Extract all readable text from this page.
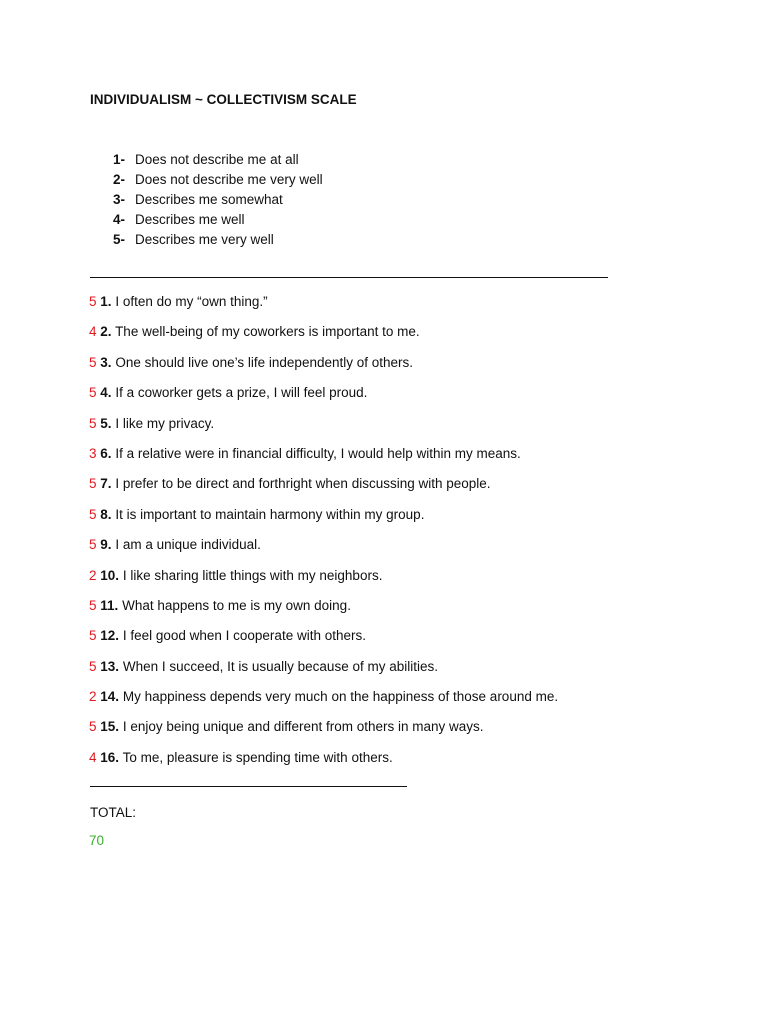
INDIVIDUALISM ~ COLLECTIVISM SCALE
1- Does not describe me at all
2- Does not describe me very well
3- Describes me somewhat
4- Describes me well
5- Describes me very well
5 1. I often do my “own thing.”
4 2. The well-being of my coworkers is important to me.
5 3. One should live one’s life independently of others.
5 4. If a coworker gets a prize, I will feel proud.
5 5. I like my privacy.
3 6. If a relative were in financial difficulty, I would help within my means.
5 7. I prefer to be direct and forthright when discussing with people.
5 8. It is important to maintain harmony within my group.
5 9. I am a unique individual.
2 10. I like sharing little things with my neighbors.
5 11. What happens to me is my own doing.
5 12. I feel good when I cooperate with others.
5 13. When I succeed, It is usually because of my abilities.
2 14. My happiness depends very much on the happiness of those around me.
5 15. I enjoy being unique and different from others in many ways.
4 16. To me, pleasure is spending time with others.
TOTAL:
70
